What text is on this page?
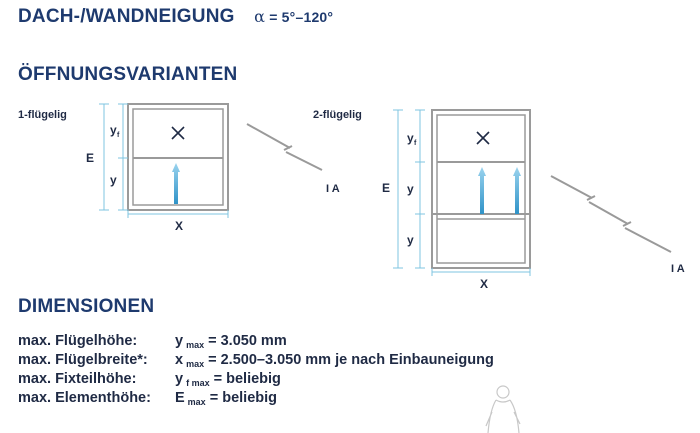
DACH-/WANDNEIGUNG α = 5°–120°
ÖFFNUNGSVARIANTEN
1-flügelig	2-flügelig
E
y f
y
X
I A	E
y f
y
y
X
I A
DIMENSIONEN
max. Flügelhöhe:	y $_{max}$ = 3.050 mm
max. Flügelbreite*: x $_{max}$ = 2.500–3.050 mm je nach Einbauneigung
max. Fixteilhöhe:	y $_{f max}$ = beliebig
max. Elementhöhe: E $_{max}$ = beliebig
